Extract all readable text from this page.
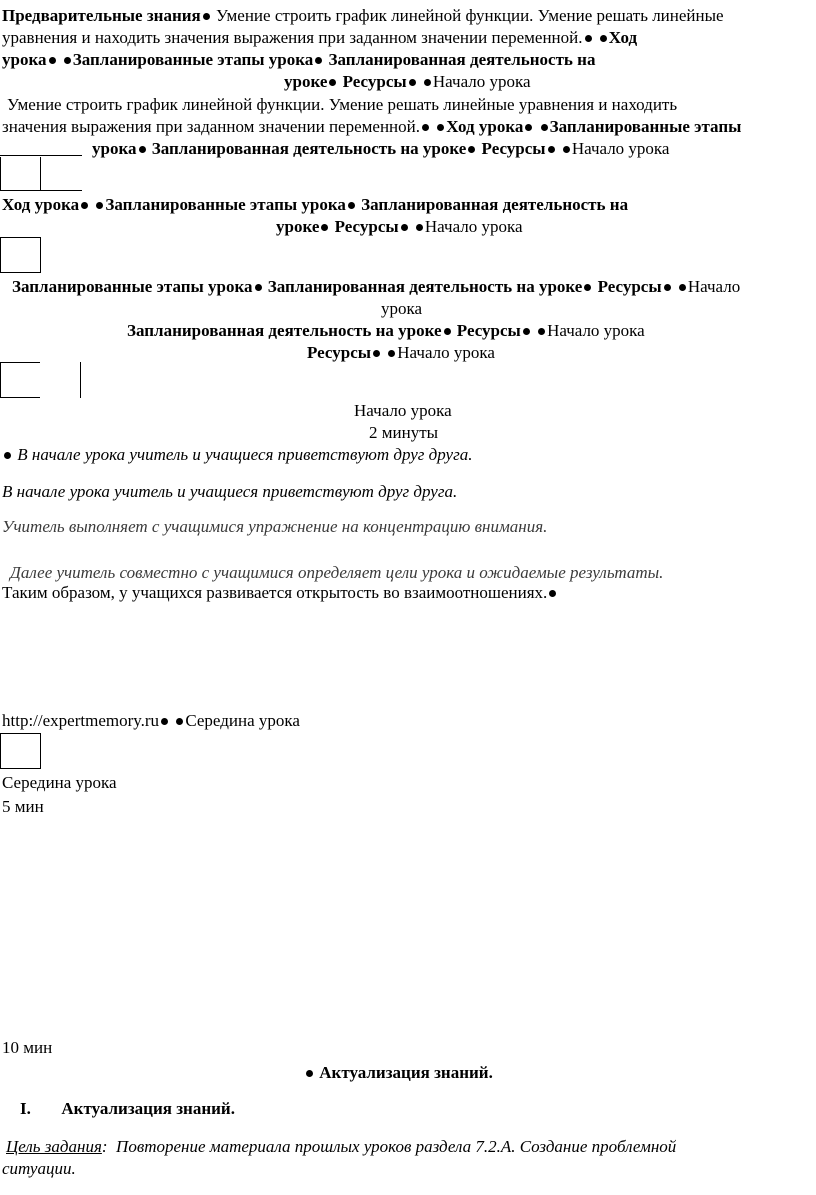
Предварительные знания Умение строить график линейной функции. Умение решать линейные
уравнения и находить значения выражения при заданном значении переменной. Ход
урока Запланированные этапы урока Запланированная деятельность на
уроке Ресурсы Начало урока
Умение строить график линейной функции. Умение решать линейные уравнения и находить
значения выражения при заданном значении переменной. Ход урока Запланированные этапы
урока Запланированная деятельность на уроке Ресурсы Начало урока
Ход урока Запланированные этапы урока Запланированная деятельность на
уроке Ресурсы Начало урока
Запланированные этапы урока Запланированная деятельность на уроке Ресурсы Начало
урока
Запланированная деятельность на уроке Ресурсы Начало урока
Ресурсы Начало урока
Начало урока
2 минуты
В начале урока учитель и учащиеся приветствуют друг друга.
В начале урока учитель и учащиеся приветствуют друг друга.
Учитель выполняет с учащимися упражнение на концентрацию внимания.
Далее учитель совместно с учащимися определяет цели урока и ожидаемые результаты.
Таким образом, у учащихся развивается открытость во взаимоотношениях.
http://expertmemory.ru Середина урока
Середина урока
5 мин
10 мин
Актуализация знаний.
I. Актуализация знаний.
Цель задания:  Повторение материала прошлых уроков раздела 7.2.А. Создание проблемной
ситуации.
